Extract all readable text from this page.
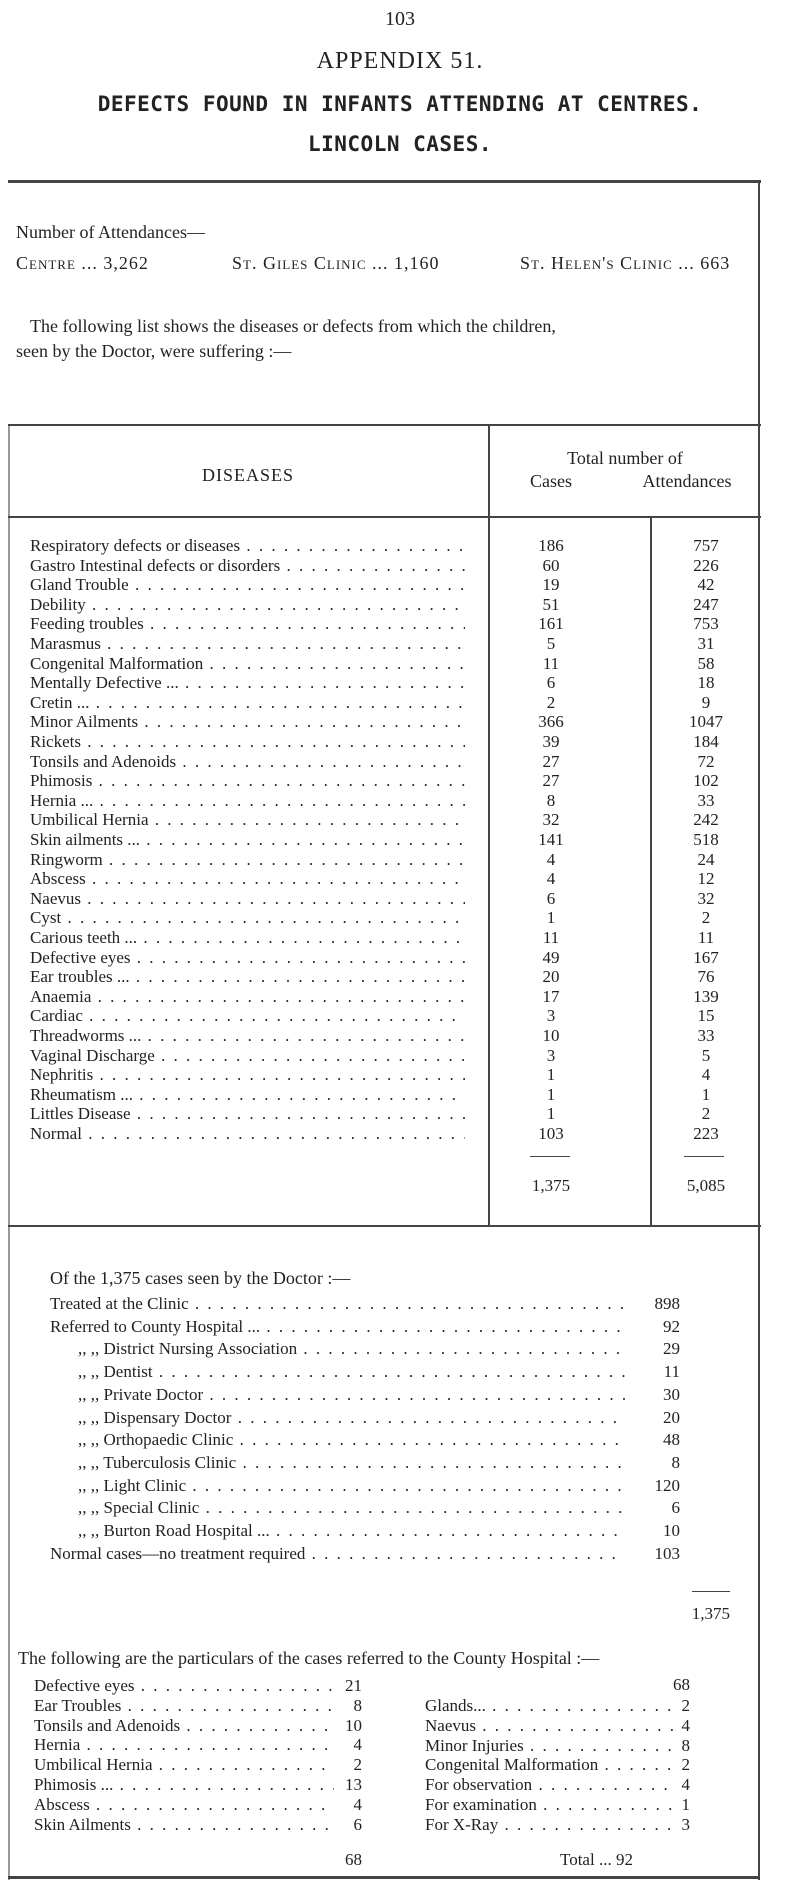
103
APPENDIX 51.
DEFECTS FOUND IN INFANTS ATTENDING AT CENTRES.
LINCOLN CASES.
Number of Attendances—
Centre ... 3,262	St. Giles Clinic ... 1,160	St. Helen's Clinic ... 663
The following list shows the diseases or defects from which the children,
seen by the Doctor, were suffering :—
DISEASES
Total number of
Cases	Attendances
Respiratory defects or diseases . . .	186	757
Gastro Intestinal defects or disorders . . .	60	226
Gland Trouble . . .	19	42
Debility . . .	51	247
Feeding troubles . . .	161	753
Marasmus . . .	5	31
Congenital Malformation . . .	11	58
Mentally Defective ... . . .	6	18
Cretin ... . . .	2	9
Minor Ailments . . .	366	1047
Rickets . . .	39	184
Tonsils and Adenoids . . .	27	72
Phimosis . . .	27	102
Hernia ... . . .	8	33
Umbilical Hernia . . .	32	242
Skin ailments ... . . .	141	518
Ringworm . . .	4	24
Abscess . . .	4	12
Naevus . . .	6	32
Cyst . . .	1	2
Carious teeth ... . . .	11	11
Defective eyes . . .	49	167
Ear troubles ... . . .	20	76
Anaemia . . .	17	139
Cardiac . . .	3	15
Threadworms ... . . .	10	33
Vaginal Discharge . . .	3	5
Nephritis . . .	1	4
Rheumatism ... . . .	1	1
Littles Disease . . .	1	2
Normal . . .	103	223
1,375	5,085
Of the 1,375 cases seen by the Doctor :—
Treated at the Clinic . . .	898
Referred to County Hospital ... . . .	92
,, ,, District Nursing Association . . .	29
,, ,, Dentist . . .	11
,, ,, Private Doctor . . .	30
,, ,, Dispensary Doctor . . .	20
,, ,, Orthopaedic Clinic . . .	48
,, ,, Tuberculosis Clinic . . .	8
,, ,, Light Clinic . . .	120
,, ,, Special Clinic . . .	6
,, ,, Burton Road Hospital ... . . .	10
Normal cases—no treatment required . . .	103
1,375
The following are the particulars of the cases referred to the County Hospital :—
Defective eyes . . .	21
Ear Troubles . . .	8
Tonsils and Adenoids . . .	10
Hernia . . .	4
Umbilical Hernia . . .	2
Phimosis ... . . .	13
Abscess . . .	4
Skin Ailments . . .	6
Glands... . . .	2
Naevus . . .	4
Minor Injuries . . .	8
Congenital Malformation . . .	2
For observation . . .	4
For examination . . .	1
For X-Ray . . .	3
68
68	Total ... 92
